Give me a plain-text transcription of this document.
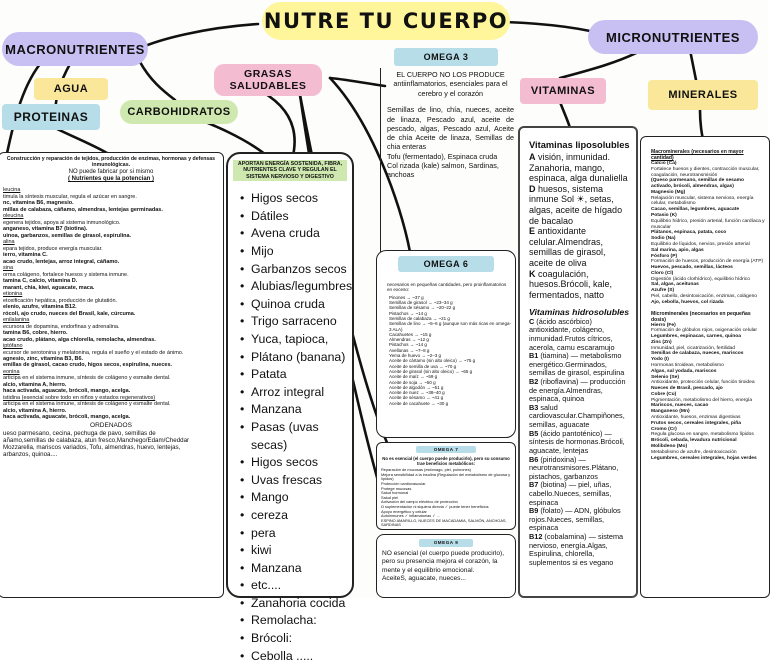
NUTRE TU CUERPO
MACRONUTRIENTES
MICRONUTRIENTES
AGUA
PROTEINAS	CARBOHIDRATOS
GRASAS SALUDABLES	VITAMINAS	MINERALES
Construcción y reparación de tejidos, producción de enzimas, hormonas y defensas inmunológicas.
NO puede fabricar por si mismo
( Nutrientes que la potencian )
leucina
timula la síntesis muscular, regula el azúcar en sangre.
nc, vitamina B6, magnesio.
millas de calabaza, cáñamo, almendras, lentejas germinadas.
oleucina
egenera tejidos, apoya al sistema inmunológico.
anganeso, vitamina B7 (biotina).
uinoa, garbanzos, semillas de girasol, espirulina.
alina
epara tejidos, produce energía muscular.
ierro, vitamina C.
acao crudo, lentejas, arroz integral, cáñamo.
sina
orma colágeno, fortalece huesos y sistema inmune.
tamina C, calcio, vitamina D.
marant, chia, kiwi, aguacate, maca.
etionina
etoxificación hepática, producción de glutatión.
elenio, azufre, vitamina B12.
rócoli, ajo crudo, nueces del Brasil, kale, cúrcuma.
enilalanina
ecursora de dopamina, endorfinas y adrenalina.
tamina B6, cobre, hierro.
acao crudo, plátano, alga chlorella, remolacha, almendras.
iptófano
ecursor de serotonina y melatonina, regula el sueño y el estado de ánimo.
agnesio, zinc, vitamina B3, B6.
emillas de girasol, cacao crudo, higos secos, espirulina, nueces.
eonina
articipa en el sistema inmune, síntesis de colágeno y esmalte dental.
alcio, vitamina A, hierro.
haca activada, aguacate, brócoli, mango, acelga.
istidina (esencial sobre todo en niños y estados regenerativos)
articipa en el sistema inmune, síntesis de colágeno y esmalte dental.
alcio, vitamina A, hierro.
haca activada, aguacate, brócoli, mango, acelga.
ORDENADOS
ueso parmesano, cecina, pechuga de pavo, semillas de
añamo,semillas de calabaza, atun fresco,Manchego/Edam/Cheddar
Mozzarella, mariscos variados, Tofu, almendras, huevo, lentejas,
arbanzos, quinoa....
APORTAN ENERGÍA SOSTENIDA, FIBRA, NUTRIENTES CLAVE Y REGULAN EL SISTEMA NERVIOSO Y DIGESTIVO
• Higos secos
• Dátiles
• Avena cruda
• Mijo
• Garbanzos secos
• Alubias/legumbres
• Quinoa cruda
• Trigo sarraceno
• Yuca, tapioca,
• Plátano (banana)
• Patata
• Arroz integral
• Manzana
• Pasas (uvas secas)
• Higos secos
• Uvas frescas
• Mango
• cereza
• pera
• kiwi
• Manzana
• etc....
• Zanahoria cocida
• Remolacha:
• Brócoli:
• Cebolla .....
OMEGA 3
EL CUERPO NO LOS PRODUCE antiinflamatorios, esenciales para el cerebro y el corazón
Semillas de lino, chía, nueces, aceite de linaza, Pescado azul, aceite de pescado, algas, Pescado azul, Aceite de chía Aceite de linaza, Semillas de chia enteras
Tofu (fermentado), Espinaca cruda
Col rizada (kale) salmon, Sardinas, anchoas
OMEGA 6
necesarios en pequeñas cantidades, pero proinflamatorios en exceso:
Pinones → ~37 g
Semillas de girasol → ~23–34 g
Semillas de sésamo → ~20–22 g
Pistachos → ~14 g
Semillas de calabaza → ~21 g
Semillas de lino → ~5–6 g (aunque son más ricas en omega-3 ALA)
Cacahuetes → ~15 g
Almendras → ~12 g
Pistachos → ~14 g
Avellanas → ~7–8 g
Yema de huevo → ~2–3 g
Aceite de cártamo (sin alto oleico) → ~75 g
Aceite de semilla de uva → ~70 g
Aceite de girasol (sin alto oleico) → ~65 g
Aceite de maíz → ~59 g
Aceite de soja → ~50 g
Aceite de algodón → ~51 g
Aceite de nuez → ~38–40 g
Aceite de sésamo → ~41 g
Aceite de cacahuete → ~30 g
OMEGA 7
No es esencial (el cuerpo puede producirlo), pero su consumo trae beneficios metabólicos:
Reparación de mucosas (estómago, piel, pulmones)
Mejora sensibilidad a la insulina (Regulación del metabolismo de glucosa y lípidos)
Protección cardiovascular
Protege mucosas
Salud hormonal
Salud piel
Activación del campo eléctrico de protección
Ω suplementación ni siquiera directa ✓ puede tener beneficios
Apoyo energético y celular
Autoinmunes ✓ inflamatorias ✓ ...
ESPINO AMARILLO, NUECES DE MACADAMIA, SALMÓN, ANCHOAS, SARDINAS
OMEGA 9
NO esencial (el cuerpo puede producirlo), pero su presencia mejora el corazón, la mente y el equilibrio emocional.
AceiteS, aguacate, nueces...
Vitaminas liposolubles
A visión, inmunidad. Zanahoria, mango, espinaca, alga dunaliella
D huesos, sistema inmune Sol ☀, setas, algas, aceite de hígado de bacalao
E antioxidante celular.Almendras, semillas de girasol, aceite de oliva
K coagulación, huesos.Brócoli, kale, fermentados, natto
Vitaminas hidrosolubles
C (ácido ascórbico) antioxidante, colágeno, inmunidad.Frutos cítricos, acerola, camu escaramujo
B1 (tiamina) — metabolismo energético.Germinados, semillas de girasol, espirulina
B2 (riboflavina) — producción de energía.Almendras, espinaca, quinoa
B3 salud cardiovascular.Champiñones, semillas, aguacate
B5 (ácido pantoténico) — síntesis de hormonas.Brócoli, aguacate, lentejas
B6 (piridoxina) — neurotransmisores.Plátano, pistachos, garbanzos
B7 (biotina) — piel, uñas, cabello.Nueces, semillas, espinaca
B9 (folato) — ADN, glóbulos rojos.Nueces, semillas, espinaca
B12 (cobalamina) — sistema nervioso, energía.Algas, Espirulina, chlorella, suplementos si es vegano
Macrominerales (necesarios en mayor cantidad)
Calcio (Ca)
Fortalece huesos y dientes, contracción muscular, coagulación, neurotransmisión
(Queso parmesano, semillas de sesamo activado, brócoli, almendras, algas)
Magnesio (Mg)
Relajación muscular, sistema nervioso, energía celular, metabolismo
Cacao, semillas, legumbres, aguacate
Potasio (K)
Equilibrio hídrico, presión arterial, función cardíaca y muscular
Plátanos, espinaca, patata, coco
Sodio (Na)
Equilibrio de líquidos, nervios, presión arterial
Sal marina, apio, algas
Fósforo (P)
Formación de huesos, producción de energía (ATP)
Huevos, pescado, semillas, lácteos
Cloro (Cl)
Digestión (ácido clorhídrico), equilibrio hídrico
Sal, algas, aceitunas
Azufre (S)
Piel, cabello, desintoxicación, enzimas, colágeno
Ajo, cebolla, huevos, col rizada
Microminerales (necesarios en pequeñas dosis)
Hierro (Fe)
Formación de glóbulos rojos, oxigenación celular
Legumbres, espinacas, carnes, quinoa
Zinc (Zn)
Inmunidad, piel, cicatrización, fertilidad
Semillas de calabaza, nueces, mariscos
Yodo (I)
Hormonas tiroideas, metabolismo
Algas, sal yodada, mariscos
Selenio (Se)
Antioxidante, protección celular, función tiroidea
Nueces de Brasil, pescado, ajo
Cobre (Cu)
Pigmentación, metabolismo del hierro, energía
Mariscos, nueces, cacao
Manganeso (Mn)
Antioxidante, huesos, enzimas digestivas
Frutos secos, cereales integrales, piña
Cromo (Cr)
Regula glucosa en sangre, metabolismo lípidos
Brócoli, cebada, levadura nutricional
Molibdeno (Mo)
Metabolismo de azufre, desintoxicación
Legumbres, cereales integrales, hojas verdes
